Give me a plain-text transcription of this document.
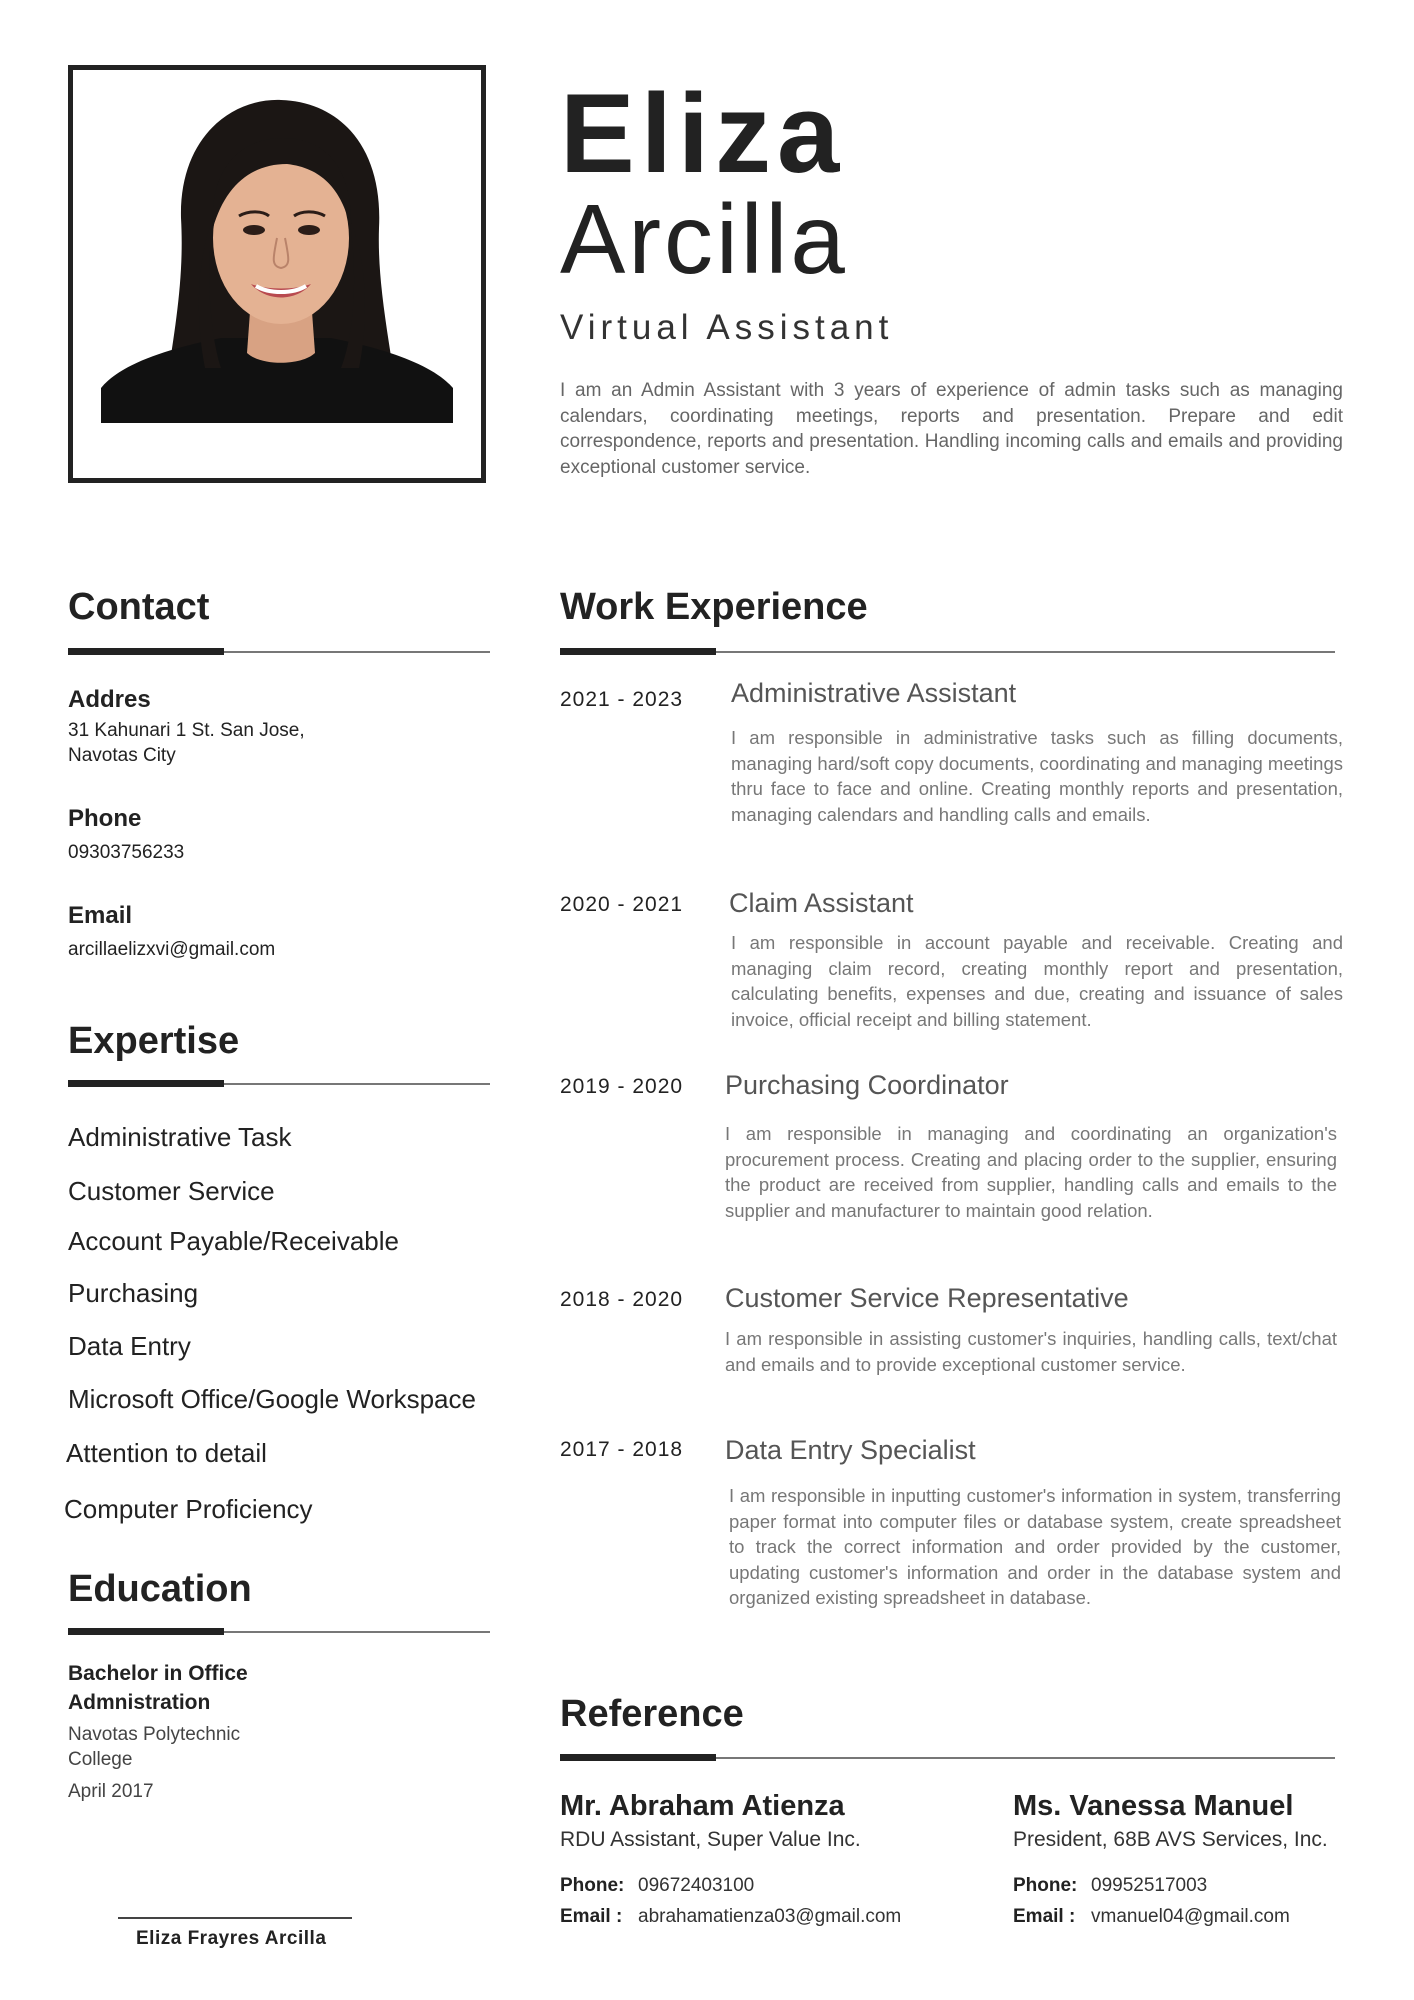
Eliza
Arcilla
Virtual Assistant
I am an Admin Assistant with 3 years of experience of admin tasks such as managing calendars, coordinating meetings, reports and presentation. Prepare and edit correspondence, reports and presentation. Handling incoming calls and emails and providing exceptional customer service.
Contact
Addres
31 Kahunari 1 St. San Jose,
Navotas City
Phone
09303756233
Email
arcillaelizxvi@gmail.com
Expertise
Administrative Task
Customer Service
Account Payable/Receivable
Purchasing
Data Entry
Microsoft Office/Google Workspace
Attention to detail
Computer Proficiency
Education
Bachelor in Office
Admnistration
Navotas Polytechnic
College
April 2017
Work Experience
2021 - 2023 Administrative Assistant
I am responsible in administrative tasks such as filling documents, managing hard/soft copy documents, coordinating and managing meetings thru face to face and online. Creating monthly reports and presentation, managing calendars and handling calls and emails.
2020 - 2021 Claim Assistant
I am responsible in account payable and receivable. Creating and managing claim record, creating monthly report and presentation, calculating benefits, expenses and due, creating and issuance of sales invoice, official receipt and billing statement.
2019 - 2020 Purchasing Coordinator
I am responsible in managing and coordinating an organization's procurement process. Creating and placing order to the supplier, ensuring the product are received from supplier, handling calls and emails to the supplier and manufacturer to maintain good relation.
2018 - 2020 Customer Service Representative
I am responsible in assisting customer's inquiries, handling calls, text/chat and emails and to provide exceptional customer service.
2017 - 2018 Data Entry Specialist
I am responsible in inputting customer's information in system, transferring paper format into computer files or database system, create spreadsheet to track the correct information and order provided by the customer, updating customer's information and order in the database system and organized existing spreadsheet in database.
Reference
Mr. Abraham Atienza
RDU Assistant, Super Value Inc.
Phone: 09672403100
Email : abrahamatienza03@gmail.com
Ms. Vanessa Manuel
President, 68B AVS Services, Inc.
Phone: 09952517003
Email : vmanuel04@gmail.com
Eliza Frayres Arcilla
